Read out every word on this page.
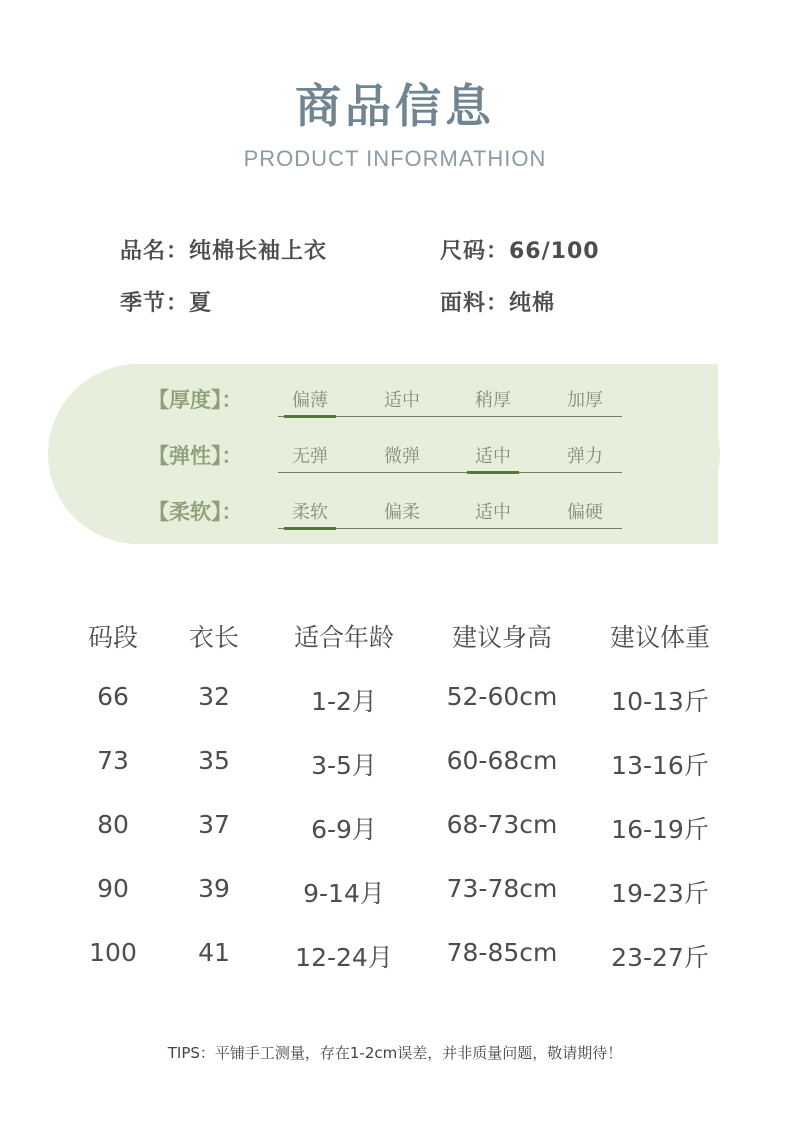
商品信息
PRODUCT INFORMATHION
品名：纯棉长袖上衣	尺码：66/100
季节：夏	面料：纯棉
【厚度】：	偏薄	适中	稍厚	加厚
【弹性】：	无弹	微弹	适中	弹力
【柔软】：	柔软	偏柔	适中	偏硬
码段	衣长	适合年龄	建议身高	建议体重
66	32	1-2月	52-60cm	10-13斤
73	35	3-5月	60-68cm	13-16斤
80	37	6-9月	68-73cm	16-19斤
90	39	9-14月	73-78cm	19-23斤
100	41	12-24月	78-85cm	23-27斤
TIPS：平铺手工测量，存在1-2cm误差，并非质量问题，敬请期待！
